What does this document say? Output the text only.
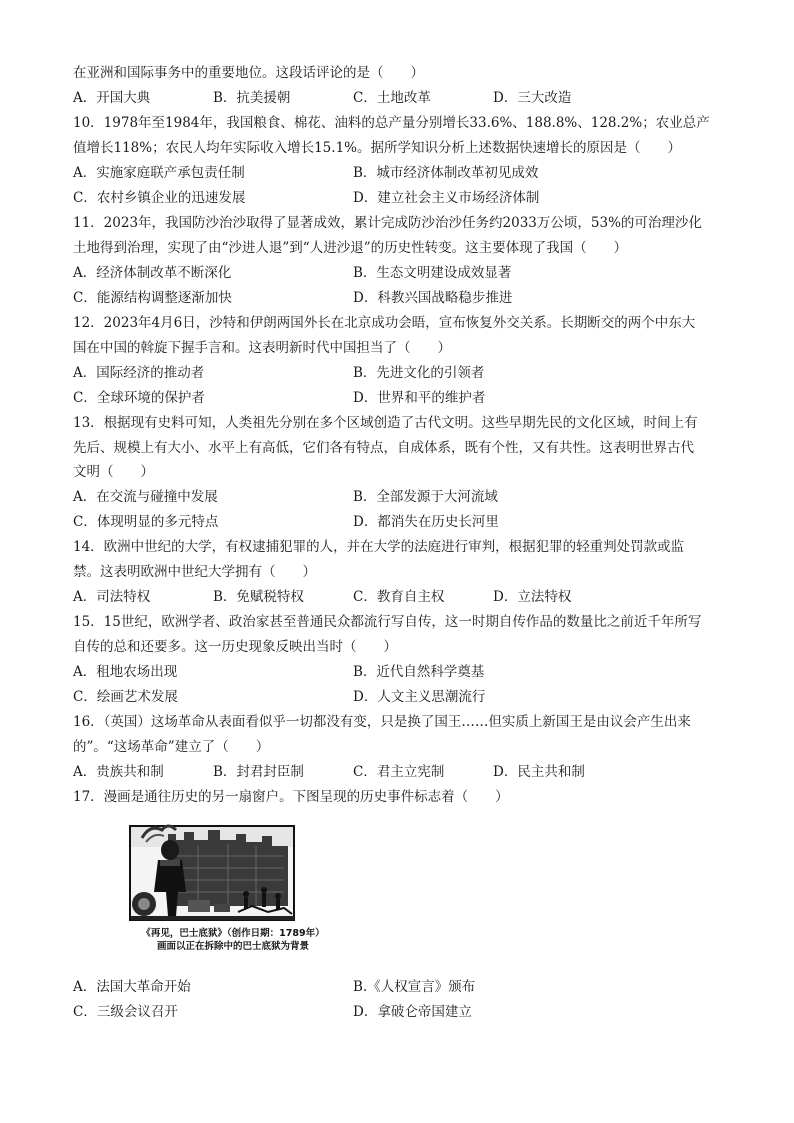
在亚洲和国际事务中的重要地位。这段话评论的是（　　）
A．开国大典	B．抗美援朝	C．土地改革	D．三大改造
10．1978年至1984年，我国粮食、棉花、油料的总产量分别增长33.6%、188.8%、128.2%；农业总产
值增长118%；农民人均年实际收入增长15.1%。据所学知识分析上述数据快速增长的原因是（　　）
A．实施家庭联产承包责任制	B．城市经济体制改革初见成效
C．农村乡镇企业的迅速发展	D．建立社会主义市场经济体制
11．2023年，我国防沙治沙取得了显著成效，累计完成防沙治沙任务约2033万公顷，53%的可治理沙化
土地得到治理，实现了由“沙进人退”到“人进沙退”的历史性转变。这主要体现了我国（　　）
A．经济体制改革不断深化	B．生态文明建设成效显著
C．能源结构调整逐渐加快	D．科教兴国战略稳步推进
12．2023年4月6日，沙特和伊朗两国外长在北京成功会晤，宣布恢复外交关系。长期断交的两个中东大
国在中国的斡旋下握手言和。这表明新时代中国担当了（　　）
A．国际经济的推动者	B．先进文化的引领者
C．全球环境的保护者	D．世界和平的维护者
13．根据现有史料可知，人类祖先分别在多个区域创造了古代文明。这些早期先民的文化区域，时间上有
先后、规模上有大小、水平上有高低，它们各有特点，自成体系，既有个性，又有共性。这表明世界古代
文明（　　）
A．在交流与碰撞中发展	B．全部发源于大河流域
C．体现明显的多元特点	D．都消失在历史长河里
14．欧洲中世纪的大学，有权逮捕犯罪的人，并在大学的法庭进行审判，根据犯罪的轻重判处罚款或监
禁。这表明欧洲中世纪大学拥有（　　）
A．司法特权	B．免赋税特权	C．教育自主权	D．立法特权
15．15世纪，欧洲学者、政治家甚至普通民众都流行写自传，这一时期自传作品的数量比之前近千年所写
自传的总和还要多。这一历史现象反映出当时（　　）
A．租地农场出现	B．近代自然科学奠基
C．绘画艺术发展	D．人文主义思潮流行
16．（英国）这场革命从表面看似乎一切都没有变，只是换了国王……但实质上新国王是由议会产生出来
的”。“这场革命”建立了（　　）
A．贵族共和制	B．封君封臣制	C．君主立宪制	D．民主共和制
17．漫画是通往历史的另一扇窗户。下图呈现的历史事件标志着（　　）
《再见，巴士底狱》（创作日期：1789年）
画面以正在拆除中的巴士底狱为背景
A．法国大革命开始	B.《人权宣言》颁布
C．三级会议召开	D．拿破仑帝国建立
